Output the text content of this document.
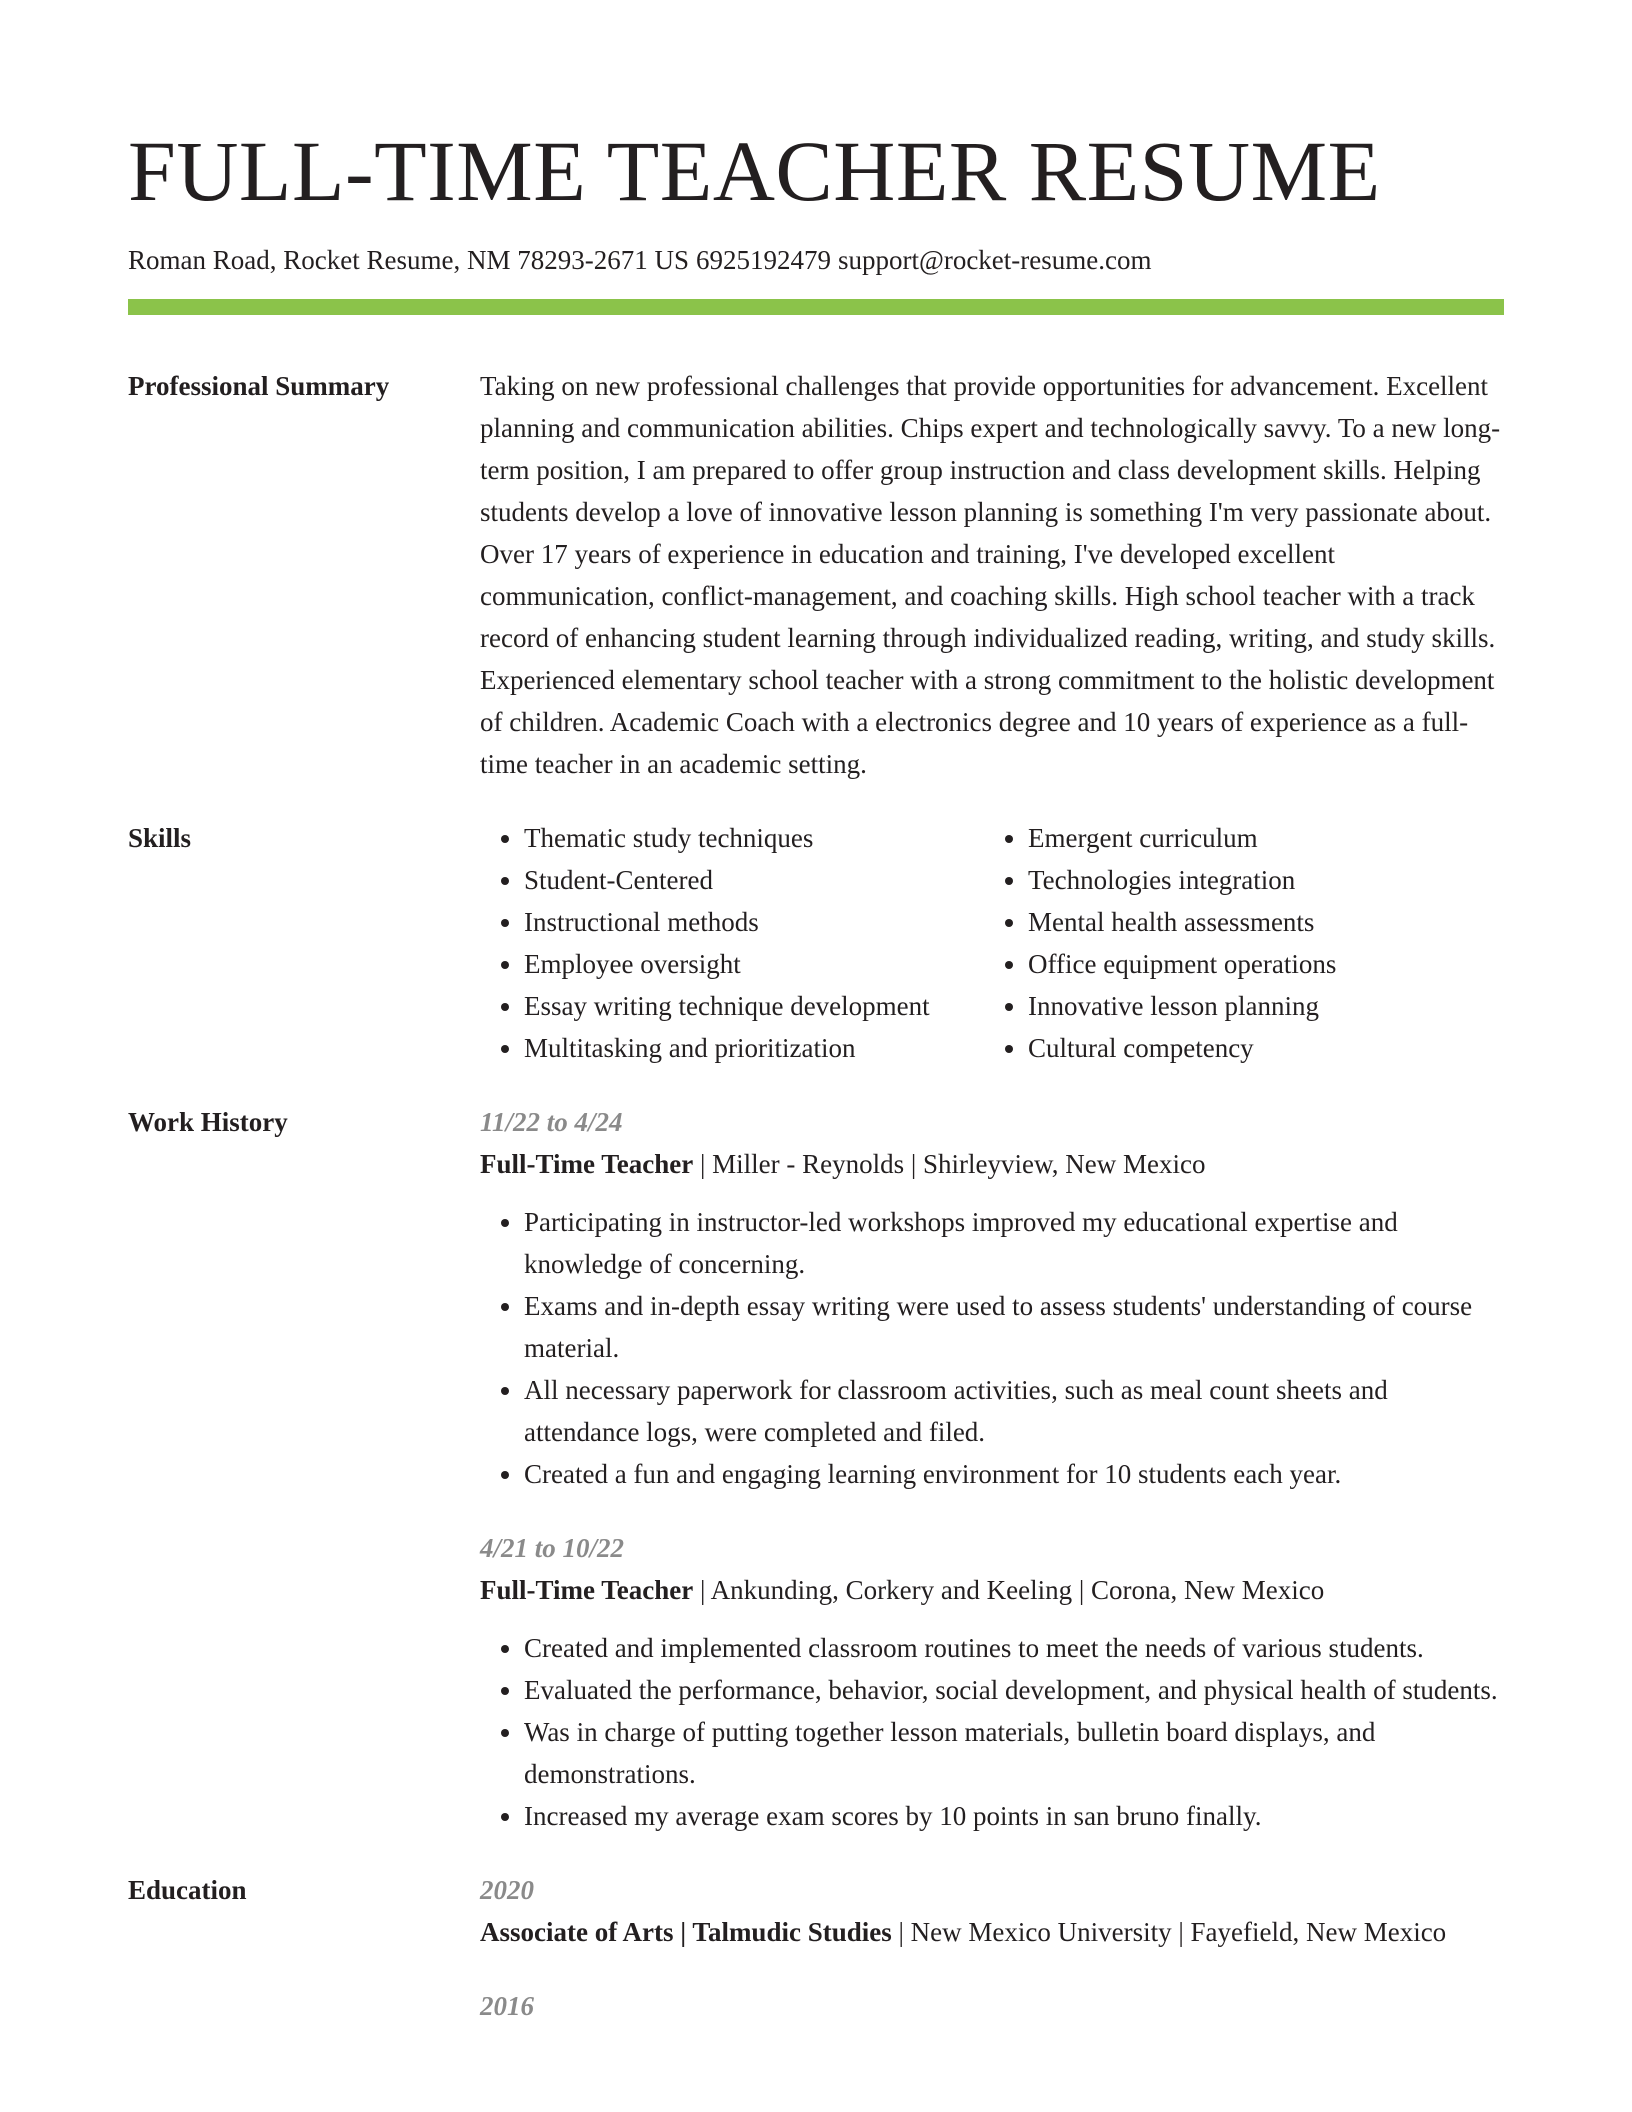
FULL-TIME TEACHER RESUME
Roman Road, Rocket Resume, NM 78293-2671 US 6925192479 support@rocket-resume.com
Professional Summary	Taking on new professional challenges that provide opportunities for advancement. Excellent planning and communication abilities. Chips expert and technologically savvy. To a new long-term position, I am prepared to offer group instruction and class development skills. Helping students develop a love of innovative lesson planning is something I'm very passionate about. Over 17 years of experience in education and training, I've developed excellent communication, conflict-management, and coaching skills. High school teacher with a track record of enhancing student learning through individualized reading, writing, and study skills. Experienced elementary school teacher with a strong commitment to the holistic development of children. Academic Coach with a electronics degree and 10 years of experience as a full-time teacher in an academic setting.

Skills
•	Thematic study techniques
• Student-Centered
• Instructional methods
• Employee oversight
• Essay writing technique development
• Multitasking and prioritization
• Emergent curriculum
• Technologies integration
• Mental health assessments
• Office equipment operations
• Innovative lesson planning
• Cultural competency
Work History	11/22 to 4/24
Full-Time Teacher | Miller - Reynolds | Shirleyview, New Mexico
• Participating in instructor-led workshops improved my educational expertise and knowledge of concerning.
• Exams and in-depth essay writing were used to assess students' understanding of course material.
• All necessary paperwork for classroom activities, such as meal count sheets and attendance logs, were completed and filed.
• Created a fun and engaging learning environment for 10 students each year.
4/21 to 10/22
Full-Time Teacher | Ankunding, Corkery and Keeling | Corona, New Mexico
• Created and implemented classroom routines to meet the needs of various students.
• Evaluated the performance, behavior, social development, and physical health of students.
• Was in charge of putting together lesson materials, bulletin board displays, and demonstrations.
• Increased my average exam scores by 10 points in san bruno finally.
Education	2020
Associate of Arts | Talmudic Studies | New Mexico University | Fayefield, New Mexico
2016
